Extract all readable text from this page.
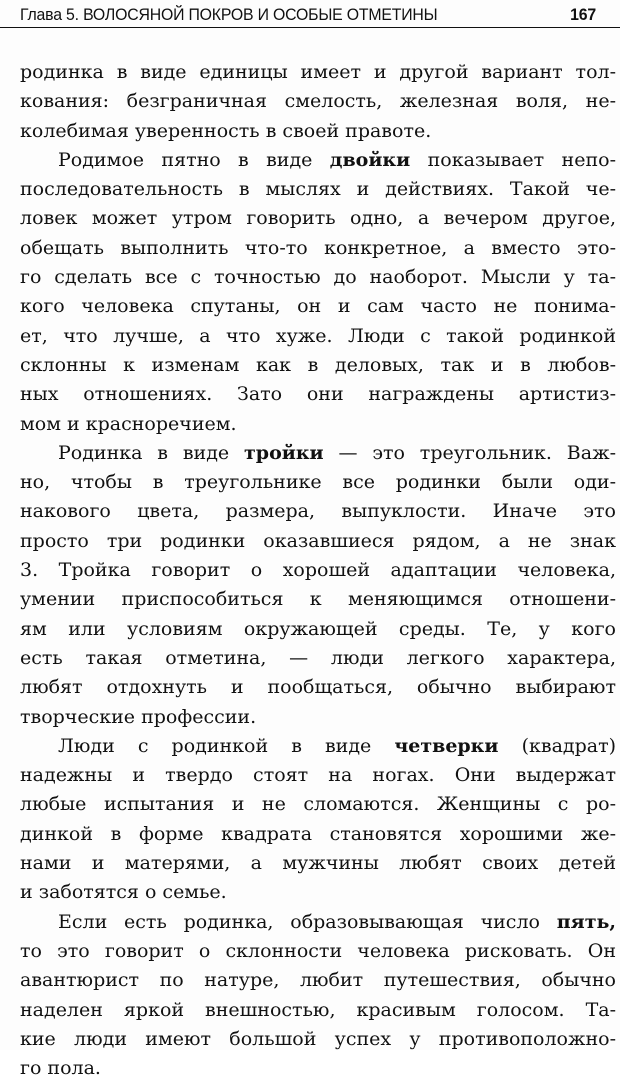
Глава 5. ВОЛОСЯНОЙ ПОКРОВ И ОСОБЫЕ ОТМЕТИНЫ	167
родинка в виде единицы имеет и другой вариант тол-
кования: безграничная смелость, железная воля, не-
колебимая уверенность в своей правоте.
Родимое пятно в виде двойки показывает непо-
последовательность в мыслях и действиях. Такой че-
ловек может утром говорить одно, а вечером другое,
обещать выполнить что-то конкретное, а вместо это-
го сделать все с точностью до наоборот. Мысли у та-
кого человека спутаны, он и сам часто не понима-
ет, что лучше, а что хуже. Люди с такой родинкой
склонны к изменам как в деловых, так и в любов-
ных отношениях. Зато они награждены артистиз-
мом и красноречием.
Родинка в виде тройки — это треугольник. Важ-
но, чтобы в треугольнике все родинки были оди-
накового цвета, размера, выпуклости. Иначе это
просто три родинки оказавшиеся рядом, а не знак
3. Тройка говорит о хорошей адаптации человека,
умении приспособиться к меняющимся отношени-
ям или условиям окружающей среды. Те, у кого
есть такая отметина, — люди легкого характера,
любят отдохнуть и пообщаться, обычно выбирают
творческие профессии.
Люди с родинкой в виде четверки (квадрат)
надежны и твердо стоят на ногах. Они выдержат
любые испытания и не сломаются. Женщины с ро-
динкой в форме квадрата становятся хорошими же-
нами и матерями, а мужчины любят своих детей
и заботятся о семье.
Если есть родинка, образовывающая число пять,
то это говорит о склонности человека рисковать. Он
авантюрист по натуре, любит путешествия, обычно
наделен яркой внешностью, красивым голосом. Та-
кие люди имеют большой успех у противоположно-
го пола.
